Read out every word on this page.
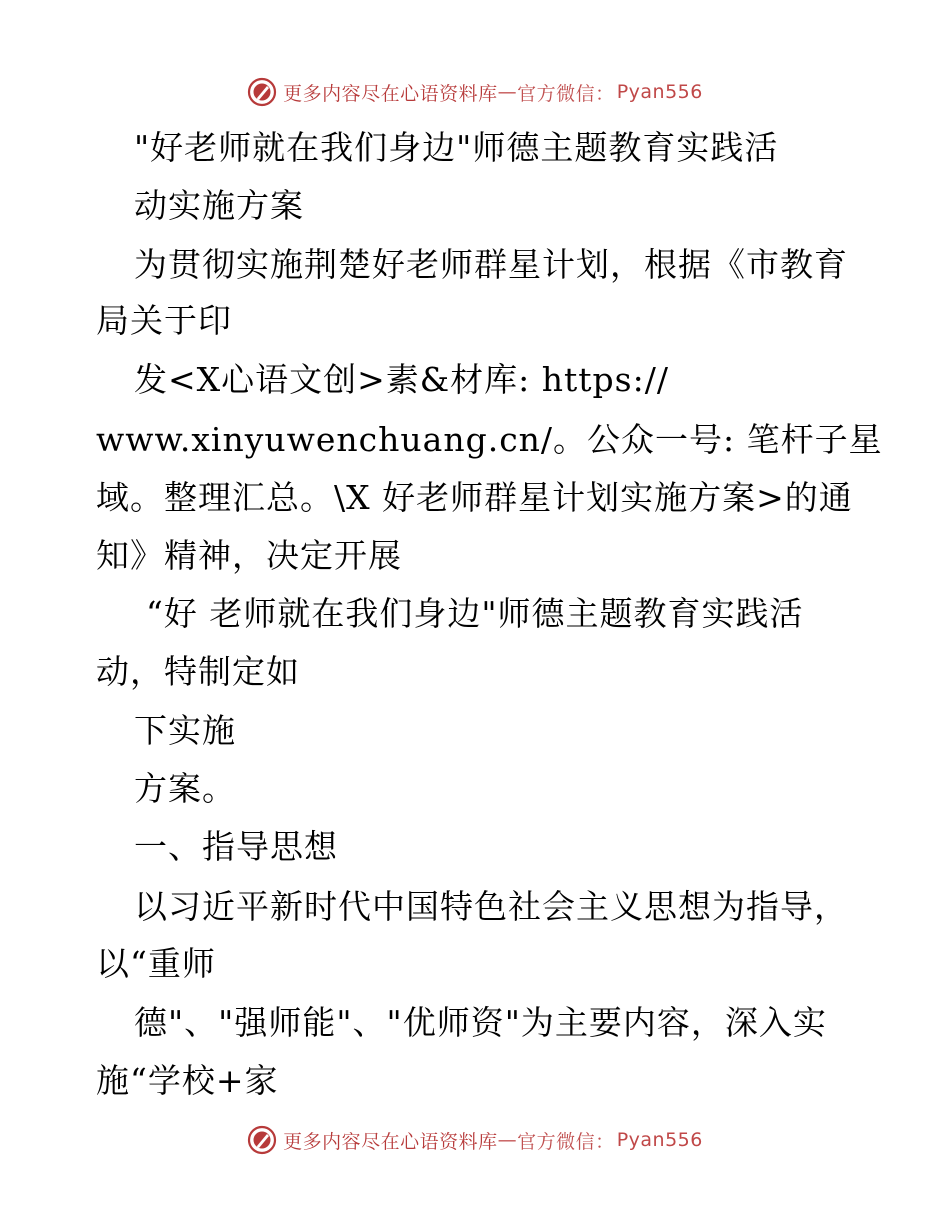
更多内容尽在心语资料库 — 官方微信： Pyan556
"好老师就在我们身边"师德主题教育实践活
动实施方案
为贯彻实施荆楚好老师群星计划，根据《市教育
局关于印
发<X心语文创>素&材库: https://
www.xinyuwenchuang.cn/。公众一号: 笔杆子星
域。整理汇总。\X 好老师群星计划实施方案>的通
知》精神，决定开展
“好 老师就在我们身边"师德主题教育实践活
动，特制定如
下实施
方案。
一、指导思想
以习近平新时代中国特色社会主义思想为指导，
以“重师
德"、"强师能"、"优师资"为主要内容，深入实
施“学校+家
更多内容尽在心语资料库 — 官方微信： Pyan556
